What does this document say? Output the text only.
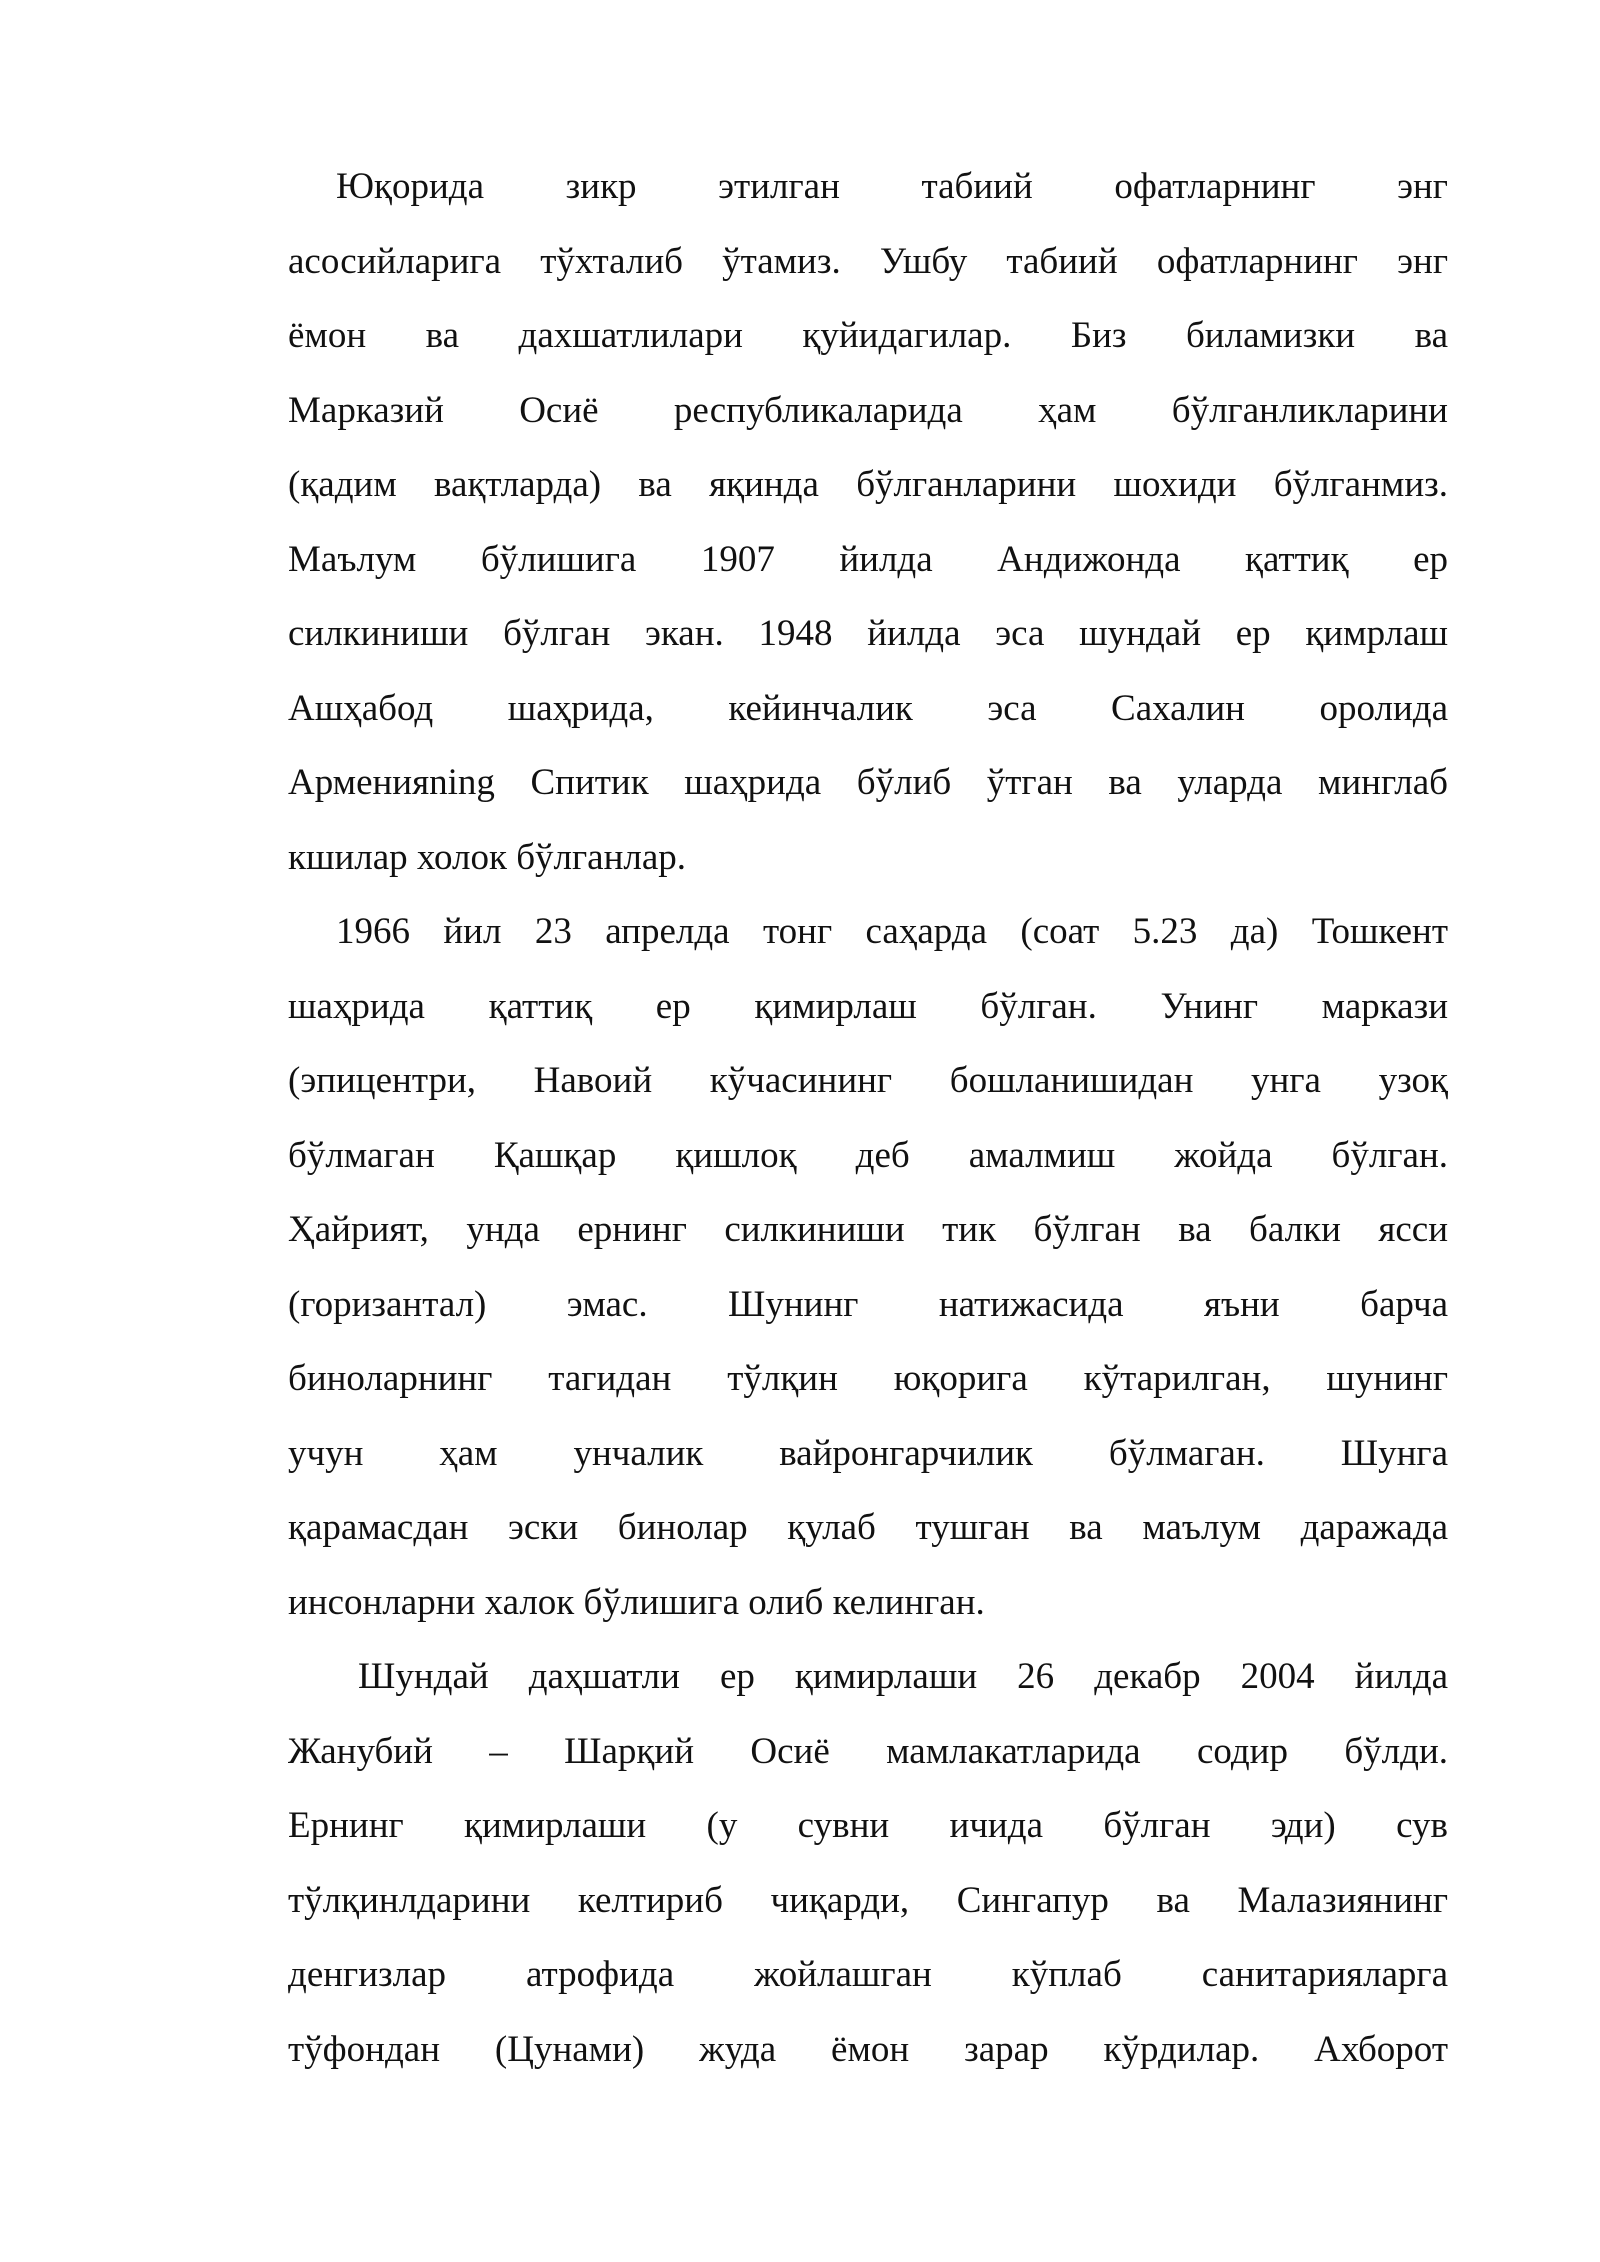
Юқорида зикр этилган табиий офатларнинг энг
асосийларига тўхталиб ўтамиз. Ушбу табиий офатларнинг энг
ёмон ва дахшатлилари қуйидагилар. Биз биламизки ва
Марказий Осиё республикаларида ҳам бўлганликларини
(қадим вақтларда) ва яқинда бўлганларини шохиди бўлганмиз.
Маълум бўлишига 1907 йилда Андижонда қаттиқ ер
силкиниши бўлган экан. 1948 йилда эса шундай ер қимрлаш
Ашҳабод шаҳрида, кейинчалик эса Сахалин оролида
Арменияning Спитик шаҳрида бўлиб ўтган ва уларда минглаб
кшилар холок бўлганлар.
1966 йил 23 апрелда тонг саҳарда (соат 5.23 да) Тошкент
шаҳрида қаттиқ ер қимирлаш бўлган. Унинг маркази
(эпицентри, Навоий кўчасининг бошланишидан унга узоқ
бўлмаган Қашқар қишлоқ деб амалмиш жойда бўлган.
Ҳайрият, унда ернинг силкиниши тик бўлган ва балки ясси
(горизантал) эмас. Шунинг натижасида яъни барча
биноларнинг тагидан тўлқин юқорига кўтарилган, шунинг
учун ҳам унчалик вайронгарчилик бўлмаган. Шунга
қарамасдан эски бинолар қулаб тушган ва маълум даражада
инсонларни халок бўлишига олиб келинган.
Шундай даҳшатли ер қимирлаши 26 декабр 2004 йилда
Жанубий – Шарқий Осиё мамлакатларида содир бўлди.
Ернинг қимирлаши (у сувни ичида бўлган эди) сув
тўлқинлдарини келтириб чиқарди, Сингапур ва Малазиянинг
денгизлар атрофида жойлашган кўплаб санитарияларга
тўфондан (Цунами) жуда ёмон зарар кўрдилар. Ахборот
